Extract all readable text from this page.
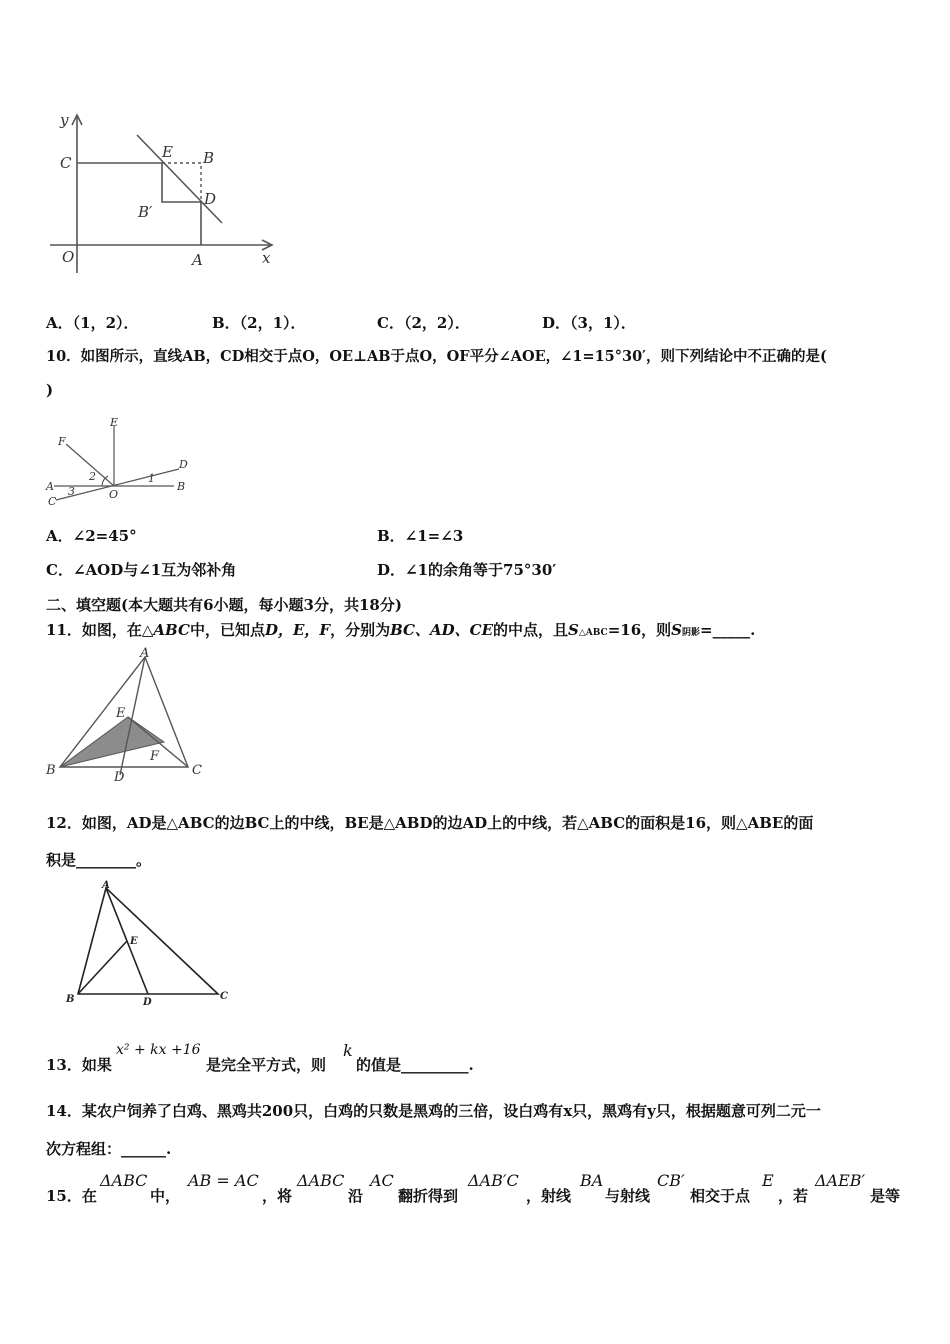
y
x
O
C
E B
B′
D
A
A．（1，2）．	B．（2，1）．	C．（2，2）．	D．（3，1）．
10．如图所示，直线AB，CD相交于点O，OE⊥AB于点O，OF平分∠AOE，∠1=15°30′，则下列结论中不正确的是(
)
F
E
D
A	B
C
O
1
2
3
A．∠2=45°	B．∠1=∠3
C．∠AOD与∠1互为邻补角	D．∠1的余角等于75°30′
二、填空题(本大题共有6小题，每小题3分，共18分)
11．如图，在△ABC中，已知点D，E，F，分别为BC、AD、CE的中点，且S△ABC=16，则S阴影=_____.
A
E
F
B	D	C
12．如图，AD是△ABC的边BC上的中线，BE是△ABD的边AD上的中线，若△ABC的面积是16，则△ABE的面
积是________。
A
E
B	D
C
13．如果
x² + kx +16
是完全平方式，则
k
的值是_________.
14．某农户饲养了白鸡、黑鸡共200只，白鸡的只数是黑鸡的三倍，设白鸡有x只，黑鸡有y只，根据题意可列二元一
次方程组：______.
15．在
ΔABC
中，
AB = AC
，将
ΔABC
沿
AC
翻折得到
ΔAB′C
，射线
BA
与射线
CB′
相交于点
E
，若
ΔAEB′
是等
